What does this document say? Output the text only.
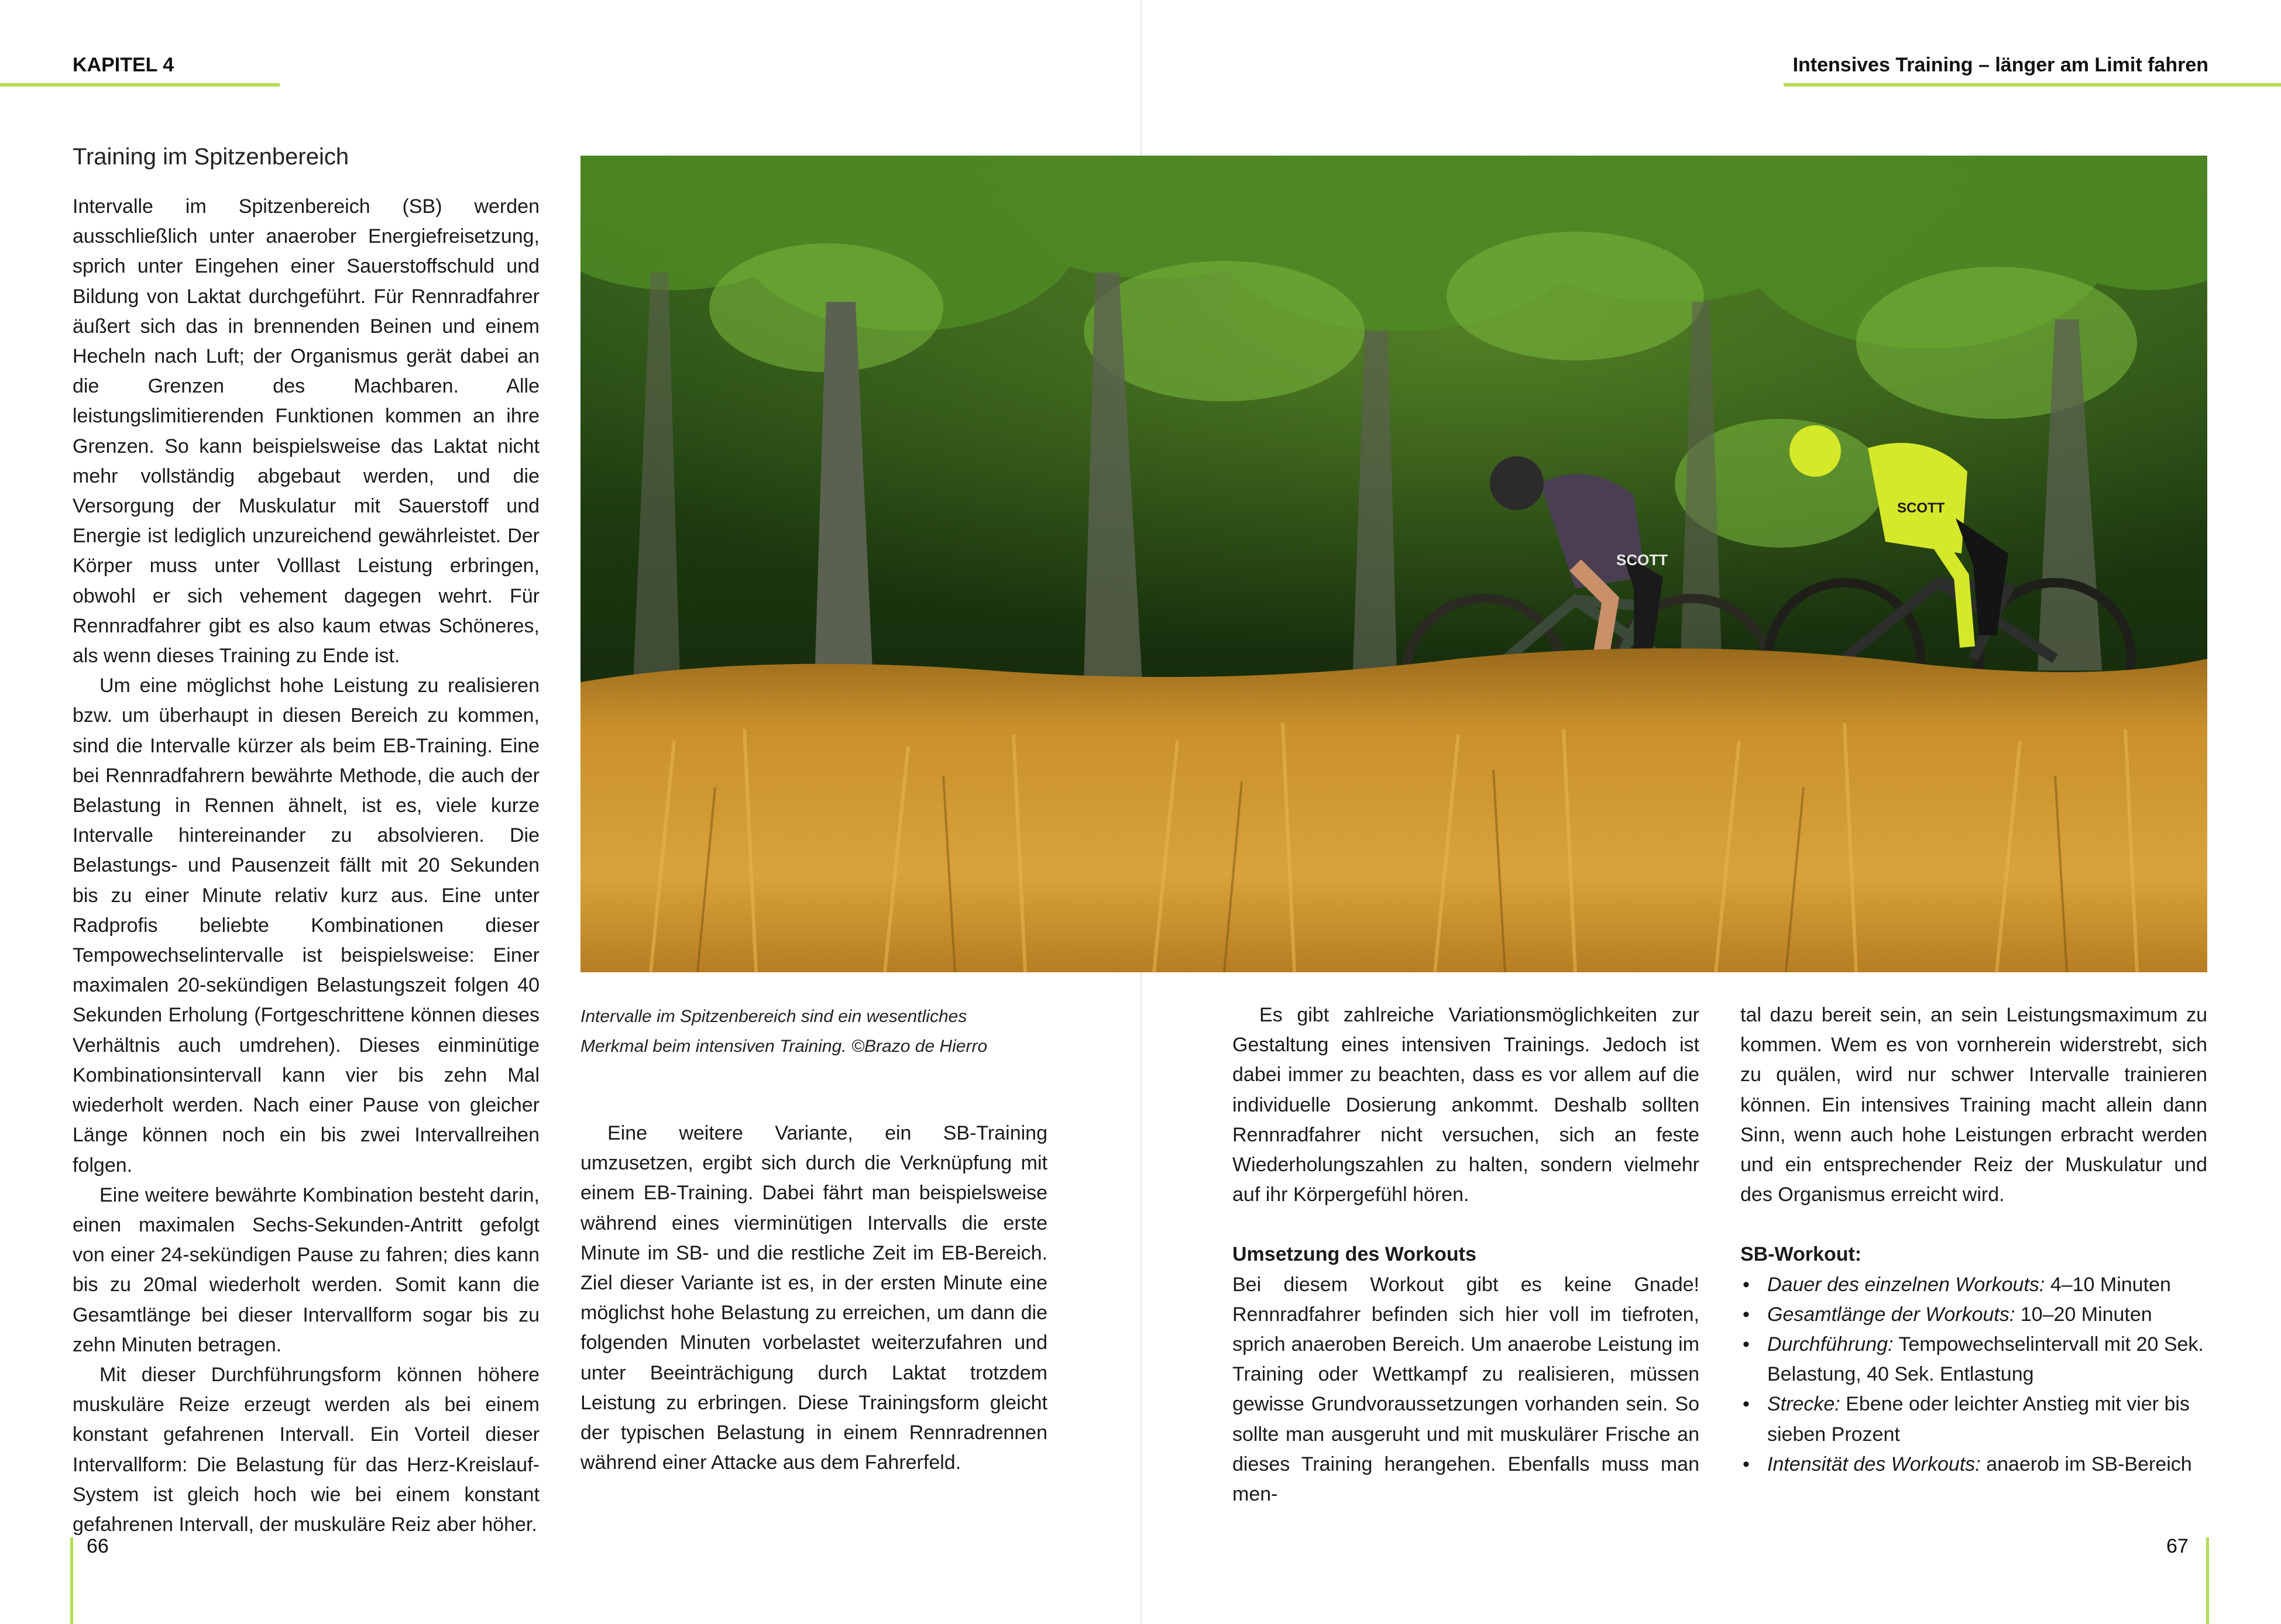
KAPITEL 4	Intensives Training – länger am Limit fahren
Training im Spitzenbereich

Intervalle im Spitzenbereich (SB) werden ausschließlich unter anaerober Energiefreisetzung, sprich unter Eingehen einer Sauerstoffschuld und Bildung von Laktat durchgeführt. Für Rennradfahrer äußert sich das in brennenden Beinen und einem Hecheln nach Luft; der Organismus gerät dabei an die Grenzen des Machbaren. Alle leistungslimitierenden Funktionen kommen an ihre Grenzen. So kann beispielsweise das Laktat nicht mehr vollständig abgebaut werden, und die Versorgung der Muskulatur mit Sauerstoff und Energie ist lediglich unzureichend gewährleistet. Der Körper muss unter Volllast Leistung erbringen, obwohl er sich vehement dagegen wehrt. Für Rennradfahrer gibt es also kaum etwas Schöneres, als wenn dieses Training zu Ende ist.

Um eine möglichst hohe Leistung zu realisieren bzw. um überhaupt in diesen Bereich zu kommen, sind die Intervalle kürzer als beim EB-Training. Eine bei Rennradfahrern bewährte Methode, die auch der Belastung in Rennen ähnelt, ist es, viele kurze Intervalle hintereinander zu absolvieren. Die Belastungs- und Pausenzeit fällt mit 20 Sekunden bis zu einer Minute relativ kurz aus. Eine unter Radprofis beliebte Kombinationen dieser Tempowechselintervalle ist beispielsweise: Einer maximalen 20-sekündigen Belastungszeit folgen 40 Sekunden Erholung (Fortgeschrittene können dieses Verhältnis auch umdrehen). Dieses einminütige Kombinationsintervall kann vier bis zehn Mal wiederholt werden. Nach einer Pause von gleicher Länge können noch ein bis zwei Intervallreihen folgen.

Eine weitere bewährte Kombination besteht darin, einen maximalen Sechs-Sekunden-Antritt gefolgt von einer 24-sekündigen Pause zu fahren; dies kann bis zu 20mal wiederholt werden. Somit kann die Gesamtlänge bei dieser Intervallform sogar bis zu zehn Minuten betragen.

Mit dieser Durchführungsform können höhere muskuläre Reize erzeugt werden als bei einem konstant gefahrenen Intervall. Ein Vorteil dieser Intervallform: Die Belastung für das Herz-Kreislauf-System ist gleich hoch wie bei einem konstant gefahrenen Intervall, der muskuläre Reiz aber höher.

SCOTT
SCOTT
Intervalle im Spitzenbereich sind ein wesentliches Merkmal beim intensiven Training. ©Brazo de Hierro

Eine weitere Variante, ein SB-Training umzusetzen, ergibt sich durch die Verknüpfung mit einem EB-Training. Dabei fährt man beispielsweise während eines vierminütigen Intervalls die erste Minute im SB- und die restliche Zeit im EB-Bereich. Ziel dieser Variante ist es, in der ersten Minute eine möglichst hohe Belastung zu erreichen, um dann die folgenden Minuten vorbelastet weiterzufahren und unter Beeinträchigung durch Laktat trotzdem Leistung zu erbringen. Diese Trainingsform gleicht der typischen Belastung in einem Rennradrennen während einer Attacke aus dem Fahrerfeld.

Es gibt zahlreiche Variationsmöglichkeiten zur Gestaltung eines intensiven Trainings. Jedoch ist dabei immer zu beachten, dass es vor allem auf die individuelle Dosierung ankommt. Deshalb sollten Rennradfahrer nicht versuchen, sich an feste Wiederholungszahlen zu halten, sondern vielmehr auf ihr Körpergefühl hören.

Umsetzung des Workouts

Bei diesem Workout gibt es keine Gnade! Rennradfahrer befinden sich hier voll im tiefroten, sprich anaeroben Bereich. Um anaerobe Leistung im Training oder Wettkampf zu realisieren, müssen gewisse Grundvoraussetzungen vorhanden sein. So sollte man ausgeruht und mit muskulärer Frische an dieses Training herangehen. Ebenfalls muss man men-

tal dazu bereit sein, an sein Leistungsmaximum zu kommen. Wem es von vornherein widerstrebt, sich zu quälen, wird nur schwer Intervalle trainieren können. Ein intensives Training macht allein dann Sinn, wenn auch hohe Leistungen erbracht werden und ein entsprechender Reiz der Muskulatur und des Organismus erreicht wird.

SB-Workout:

• Dauer des einzelnen Workouts: 4–10 Minuten
• Gesamtlänge der Workouts: 10–20 Minuten
• Durchführung: Tempowechselintervall mit 20 Sek. Belastung, 40 Sek. Entlastung
• Strecke: Ebene oder leichter Anstieg mit vier bis sieben Prozent
• Intensität des Workouts: anaerob im SB-Bereich
66	67
